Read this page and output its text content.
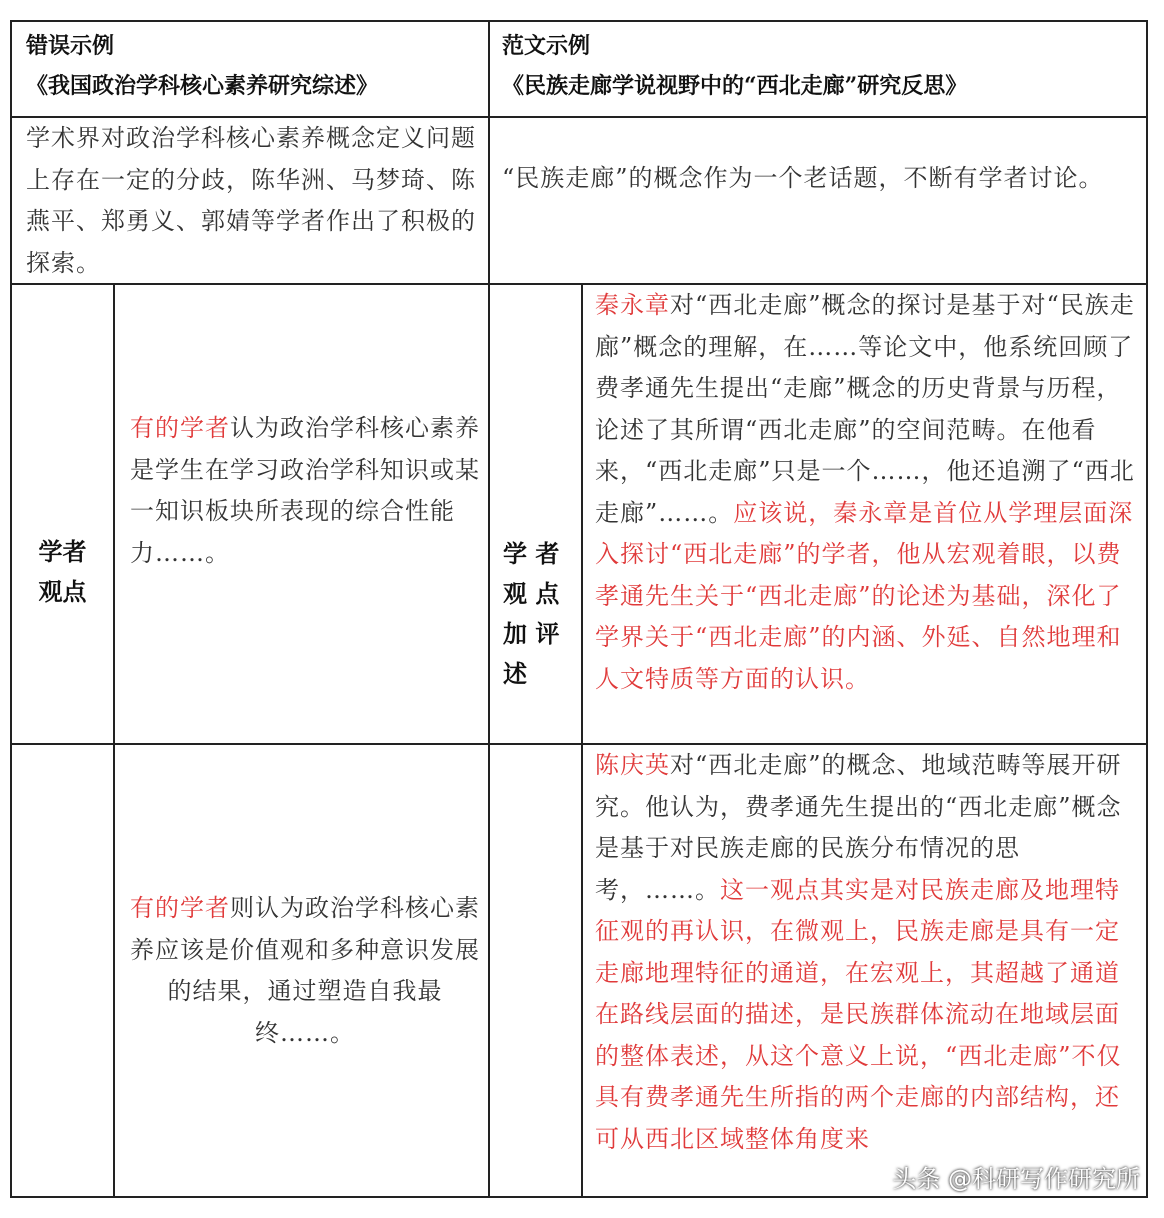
错误示例
《我国政治学科核心素养研究综述》
范文示例
《民族走廊学说视野中的“西北走廊”研究反思》
学术界对政治学科核心素养概念定义问题上存在一定的分歧，陈华洲、马梦琦、陈燕平、郑勇义、郭婧等学者作出了积极的探索。
“民族走廊”的概念作为一个老话题，不断有学者讨论。
学者
观点
有的学者认为政治学科核心素养是学生在学习政治学科知识或某一知识板块所表现的综合性能力……。	学 者
观 点
加 评
述
秦永章对“西北走廊”概念的探讨是基于对“民族走廊”概念的理解，在……等论文中，他系统回顾了费孝通先生提出“走廊”概念的历史背景与历程，论述了其所谓“西北走廊”的空间范畴。在他看来，“西北走廊”只是一个……，他还追溯了“西北走廊”……。应该说，秦永章是首位从学理层面深入探讨“西北走廊”的学者，他从宏观着眼，以费孝通先生关于“西北走廊”的论述为基础，深化了学界关于“西北走廊”的内涵、外延、自然地理和人文特质等方面的认识。
有的学者则认为政治学科核心素养应该是价值观和多种意识发展的结果，通过塑造自我最终……。
陈庆英对“西北走廊”的概念、地域范畴等展开研究。他认为，费孝通先生提出的“西北走廊”概念是基于对民族走廊的民族分布情况的思考，……。这一观点其实是对民族走廊及地理特征观的再认识，在微观上，民族走廊是具有一定走廊地理特征的通道，在宏观上，其超越了通道在路线层面的描述，是民族群体流动在地域层面的整体表述，从这个意义上说，“西北走廊”不仅具有费孝通先生所指的两个走廊的内部结构，还可从西北区域整体角度来
头条 @科研写作研究所
